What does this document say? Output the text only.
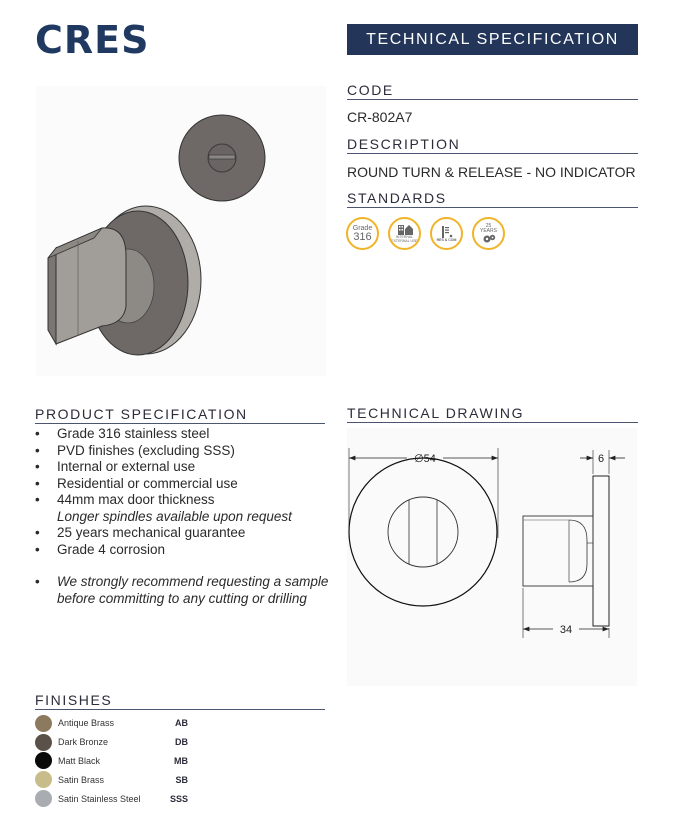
CRES	TECHNICAL SPECIFICATION
CODE
CR-802A7
DESCRIPTION
ROUND TURN & RELEASE - NO INDICATOR
STANDARDS
Grade
316	INTERNAL EXTERNAL USE	RES & COM
25
YEARS
PRODUCT SPECIFICATION
• Grade 316 stainless steel
• PVD finishes (excluding SSS)
• Internal or external use
• Residential or commercial use
• 44mm max door thickness
Longer spindles available upon request
• 25 years mechanical guarantee
• Grade 4 corrosion
• We strongly recommend requesting a sample before committing to any cutting or drilling
TECHNICAL DRAWING
∅54	6
34
FINISHES
Antique Brass	AB
Dark Bronze	DB
Matt Black	MB
Satin Brass	SB
Satin Stainless Steel	SSS
